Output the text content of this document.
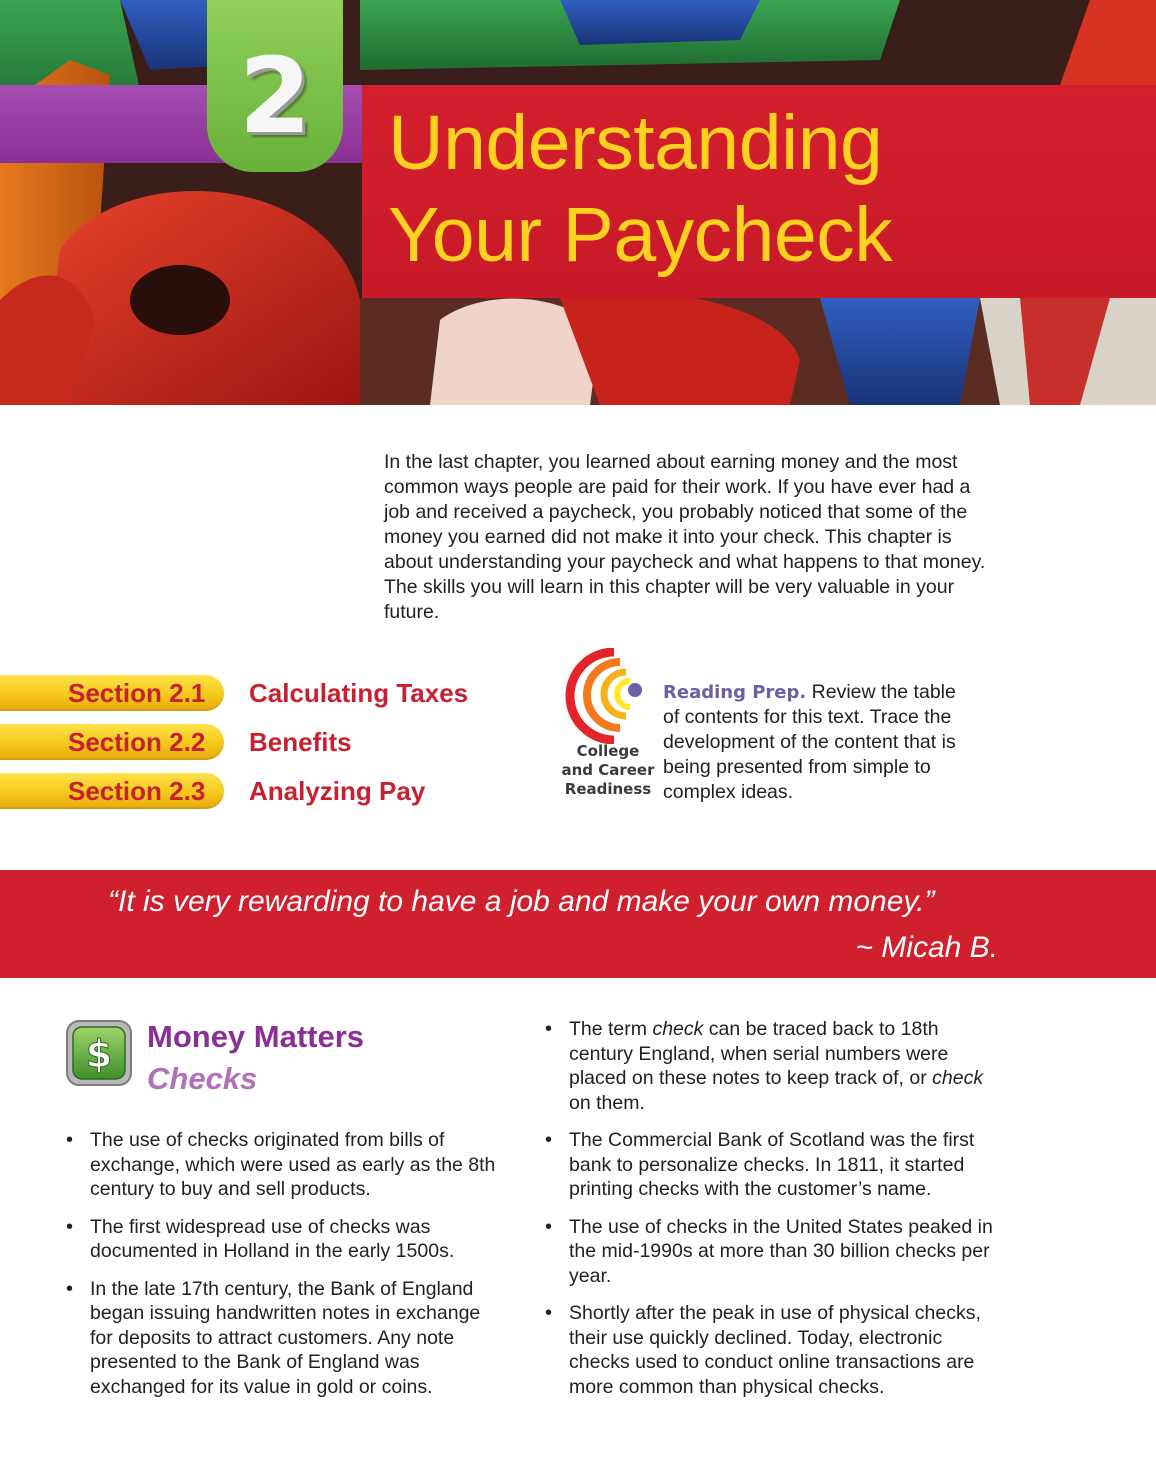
2 Understanding
Your Paycheck

In the last chapter, you learned about earning money and the most common ways people are paid for their work. If you have ever had a job and received a paycheck, you probably noticed that some of the money you earned did not make it into your check. This chapter is about understanding your paycheck and what happens to that money. The skills you will learn in this chapter will be very valuable in your future.

Section 2.1 Calculating Taxes
Section 2.2 Benefits
Section 2.3 Analyzing Pay
College
and Career
Readiness

Reading Prep. Review the table of contents for this text. Trace the development of the content that is being presented from simple to complex ideas.

“It is very rewarding to have a job and make your own money.”
~ Micah B.
$ Money Matters
Checks
• The use of checks originated from bills of exchange, which were used as early as the 8th century to buy and sell products.
• The first widespread use of checks was documented in Holland in the early 1500s.
• In the late 17th century, the Bank of England began issuing handwritten notes in exchange for deposits to attract customers. Any note presented to the Bank of England was exchanged for its value in gold or coins.
• The term check can be traced back to 18th century England, when serial numbers were placed on these notes to keep track of, or check on them.
• The Commercial Bank of Scotland was the first bank to personalize checks. In 1811, it started printing checks with the customer’s name.
• The use of checks in the United States peaked in the mid-1990s at more than 30 billion checks per year.
• Shortly after the peak in use of physical checks, their use quickly declined. Today, electronic checks used to conduct online transactions are more common than physical checks.
